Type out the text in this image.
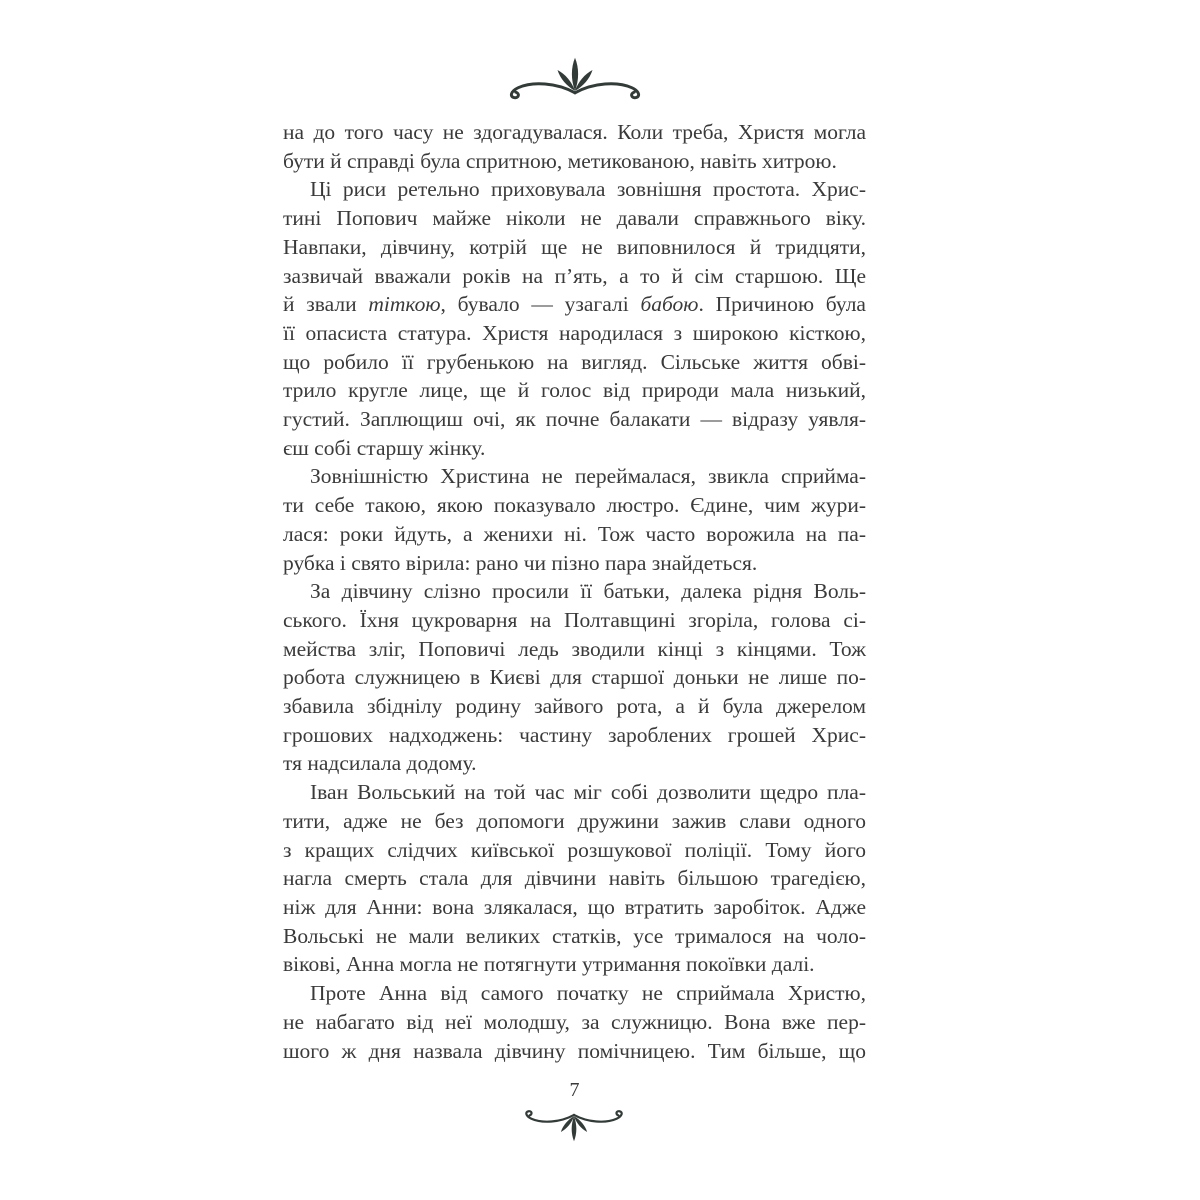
на до того часу не здогадувалася. Коли треба, Христя могла
бути й справді була спритною, метикованою, навіть хитрою.
Ці риси ретельно приховувала зовнішня простота. Хрис-
тині Попович майже ніколи не давали справжнього віку.
Навпаки, дівчину, котрій ще не виповнилося й тридцяти,
зазвичай вважали років на п’ять, а то й сім старшою. Ще
й звали тіткою, бувало — узагалі бабою. Причиною була
її опасиста статура. Христя народилася з широкою кісткою,
що робило її грубенькою на вигляд. Сільське життя обві-
трило кругле лице, ще й голос від природи мала низький,
густий. Заплющиш очі, як почне балакати — відразу уявля-
єш собі старшу жінку.
Зовнішністю Христина не переймалася, звикла сприйма-
ти себе такою, якою показувало люстро. Єдине, чим жури-
лася: роки йдуть, а женихи ні. Тож часто ворожила на па-
рубка і свято вірила: рано чи пізно пара знайдеться.
За дівчину слізно просили її батьки, далека рідня Воль-
ського. Їхня цукроварня на Полтавщині згоріла, голова сі-
мейства зліг, Поповичі ледь зводили кінці з кінцями. Тож
робота служницею в Києві для старшої доньки не лише по-
збавила збіднілу родину зайвого рота, а й була джерелом
грошових надходжень: частину зароблених грошей Хрис-
тя надсилала додому.
Іван Вольський на той час міг собі дозволити щедро пла-
тити, адже не без допомоги дружини зажив слави одного
з кращих слідчих київської розшукової поліції. Тому його
нагла смерть стала для дівчини навіть більшою трагедією,
ніж для Анни: вона злякалася, що втратить заробіток. Адже
Вольські не мали великих статків, усе трималося на чоло-
вікові, Анна могла не потягнути утримання покоївки далі.
Проте Анна від самого початку не сприймала Христю,
не набагато від неї молодшу, за служницю. Вона вже пер-
шого ж дня назвала дівчину помічницею. Тим більше, що
7
